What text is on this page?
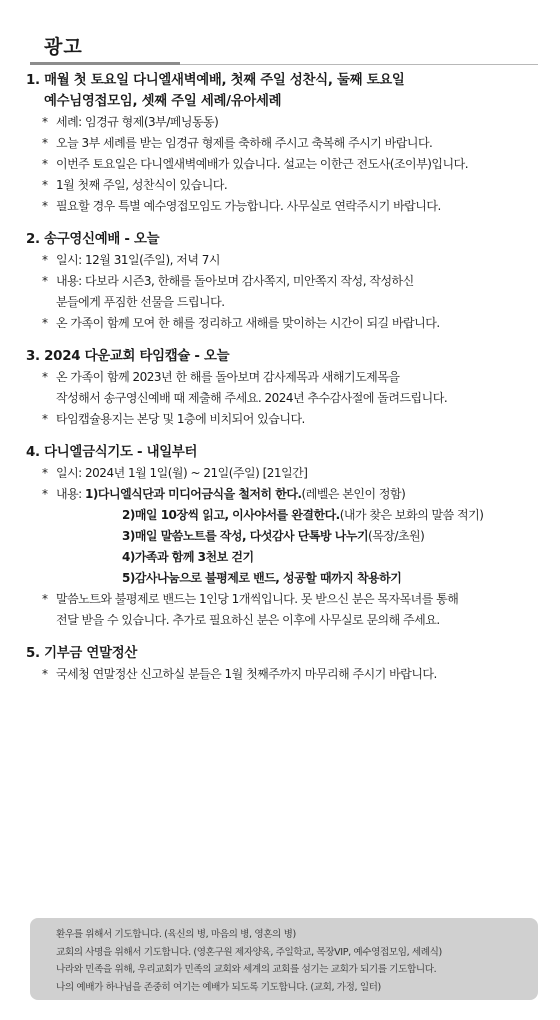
광고
1. 매월 첫 토요일 다니엘새벽예배, 첫째 주일 성찬식, 둘째 토요일
예수님영접모임, 셋째 주일 세례/유아세례
* 세례: 임경규 형제(3부/페닝동동)
* 오늘 3부 세례를 받는 임경규 형제를 축하해 주시고 축복해 주시기 바랍니다.
* 이번주 토요일은 다니엘새벽예배가 있습니다. 설교는 이한근 전도사(조이부)입니다.
* 1월 첫째 주일, 성찬식이 있습니다.
* 필요할 경우 특별 예수영접모임도 가능합니다. 사무실로 연락주시기 바랍니다.
2. 송구영신예배 - 오늘
* 일시: 12월 31일(주일), 저녁 7시
* 내용: 다보라 시즌3, 한해를 돌아보며 감사쪽지, 미안쪽지 작성, 작성하신
분들에게 푸짐한 선물을 드립니다.
* 온 가족이 함께 모여 한 해를 정리하고 새해를 맞이하는 시간이 되길 바랍니다.
3. 2024 다운교회 타임캡슐 - 오늘
* 온 가족이 함께 2023년 한 해를 돌아보며 감사제목과 새해기도제목을
작성해서 송구영신예배 때 제출해 주세요. 2024년 추수감사절에 돌려드립니다.
* 타임캡슐용지는 본당 및 1층에 비치되어 있습니다.
4. 다니엘금식기도 - 내일부터
* 일시: 2024년 1월 1일(월) ~ 21일(주일) [21일간]
* 내용: 1)다니엘식단과 미디어금식을 철저히 한다.(레벨은 본인이 정함)
2)매일 10장씩 읽고, 이사야서를 완결한다.(내가 찾은 보화의 말씀 적기)
3)매일 말씀노트를 작성, 다섯감사 단톡방 나누기(목장/초원)
4)가족과 함께 3천보 걷기
5)감사나눔으로 불평제로 밴드, 성공할 때까지 착용하기
* 말씀노트와 불평제로 밴드는 1인당 1개씩입니다. 못 받으신 분은 목자목녀를 통해
전달 받을 수 있습니다. 추가로 필요하신 분은 이후에 사무실로 문의해 주세요.
5. 기부금 연말정산
* 국세청 연말정산 신고하실 분들은 1월 첫째주까지 마무리해 주시기 바랍니다.
환우를 위해서 기도합니다. (육신의 병, 마음의 병, 영혼의 병)
교회의 사명을 위해서 기도합니다. (영혼구원 제자양육, 주일학교, 목장VIP, 예수영접모임, 세례식)
나라와 민족을 위해, 우리교회가 민족의 교회와 세계의 교회를 섬기는 교회가 되기를 기도합니다.
나의 예배가 하나님을 존중히 여기는 예배가 되도록 기도합니다. (교회, 가정, 일터)
